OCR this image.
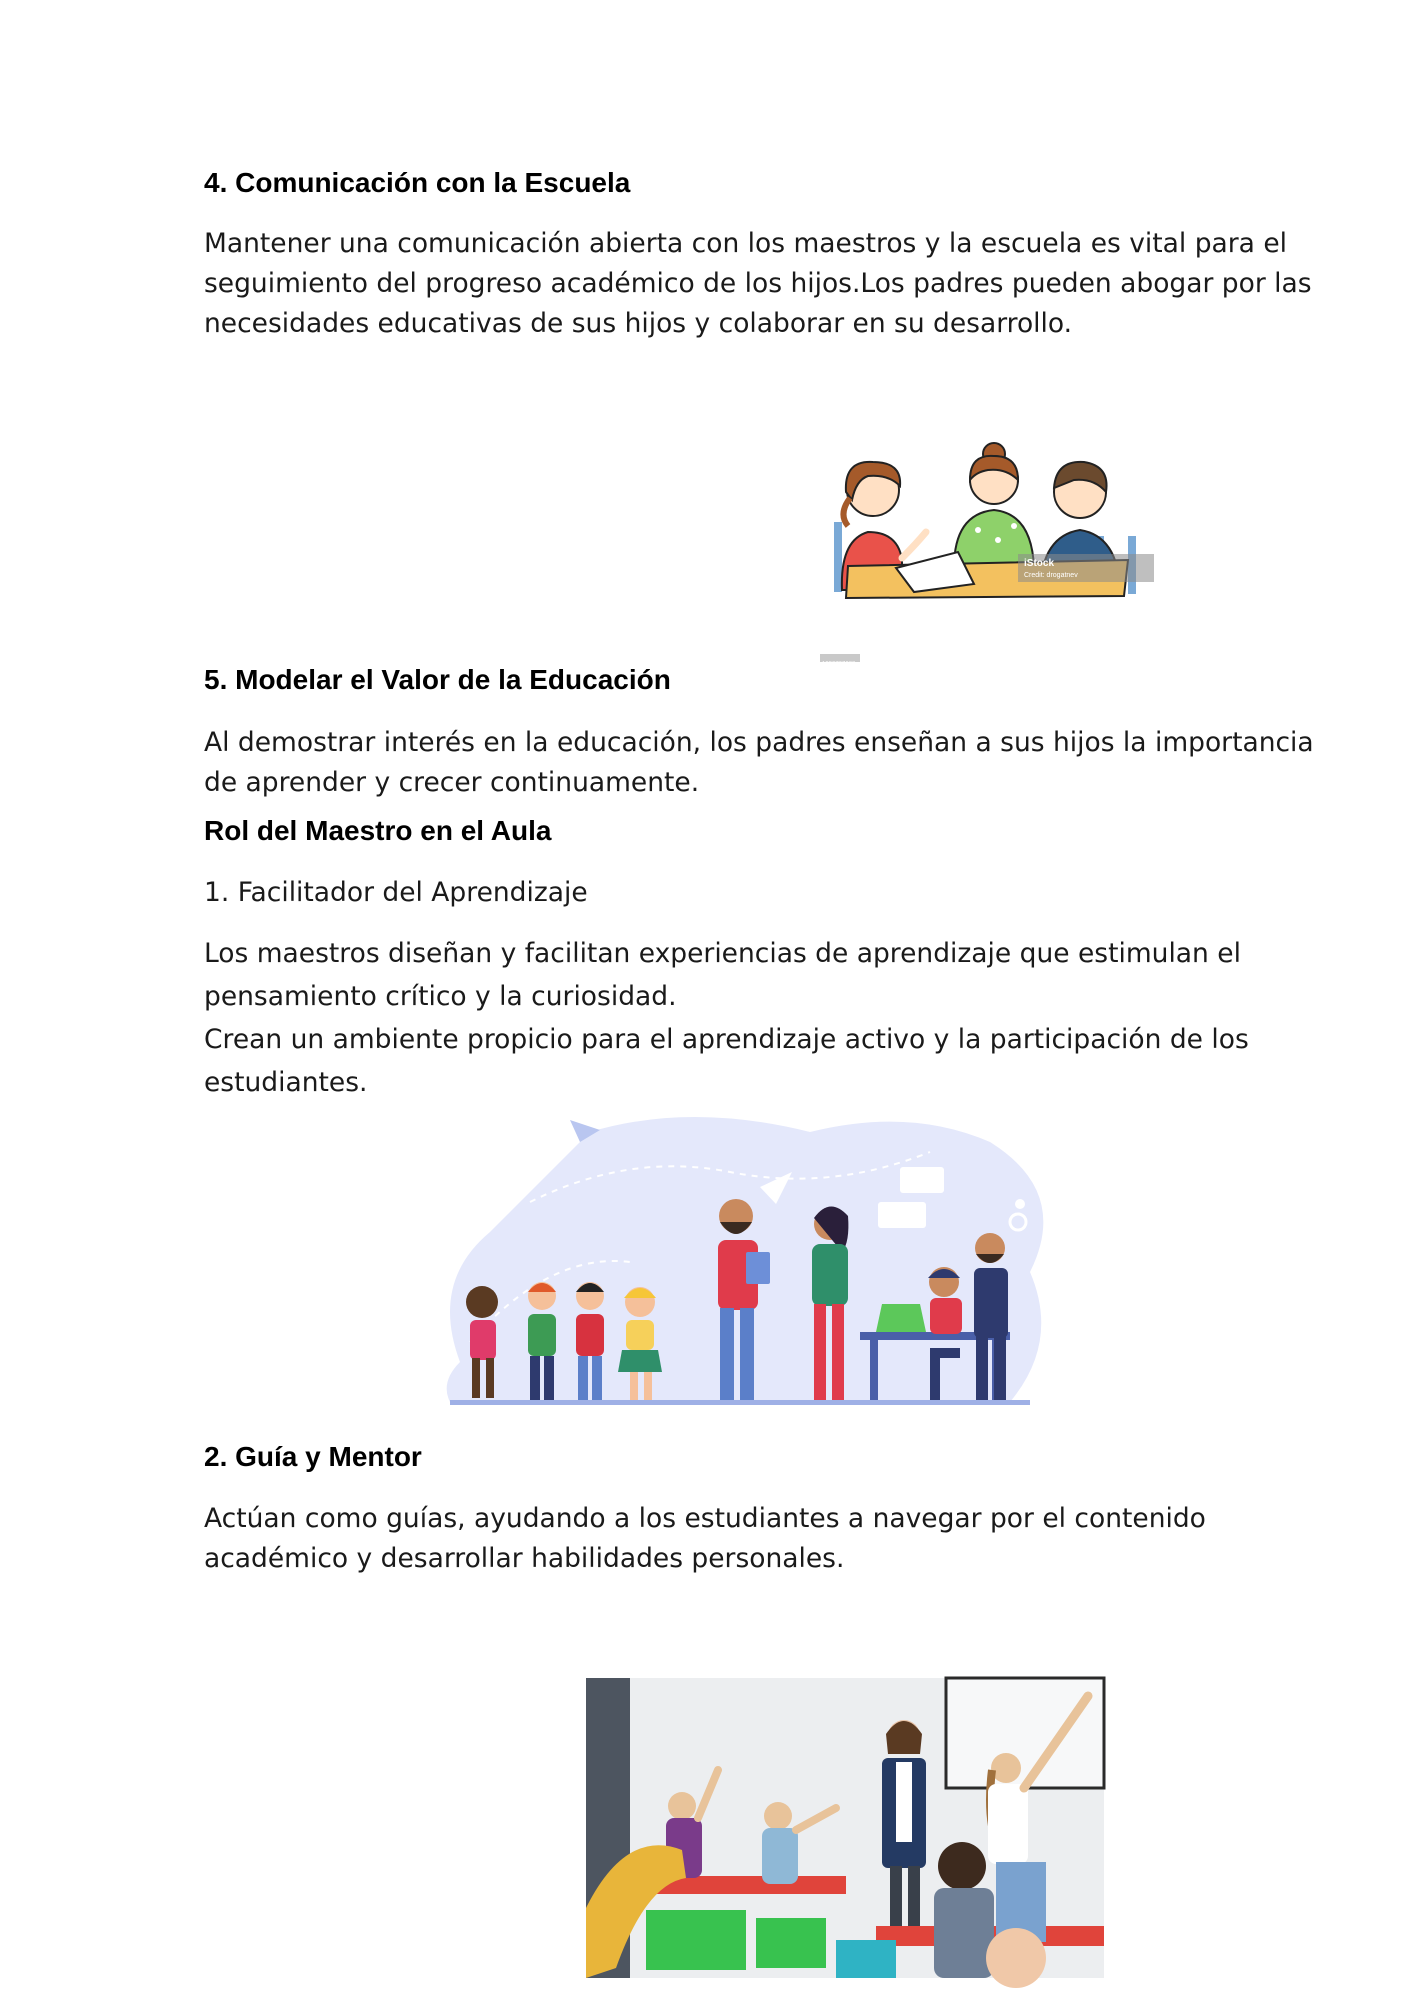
4. Comunicación con la Escuela

Mantener una comunicación abierta con los maestros y la escuela es vital para el
seguimiento del progreso académico de los hijos.Los padres pueden abogar por las
necesidades educativas de sus hijos y colaborar en su desarrollo.

iStock
Credit: drogatnev
1332767688
5. Modelar el Valor de la Educación

Al demostrar interés en la educación, los padres enseñan a sus hijos la importancia
de aprender y crecer continuamente.

Rol del Maestro en el Aula

1. Facilitador del Aprendizaje

Los maestros diseñan y facilitan experiencias de aprendizaje que estimulan el
pensamiento crítico y la curiosidad.
Crean un ambiente propicio para el aprendizaje activo y la participación de los
estudiantes.

2. Guía y Mentor

Actúan como guías, ayudando a los estudiantes a navegar por el contenido
académico y desarrollar habilidades personales.
